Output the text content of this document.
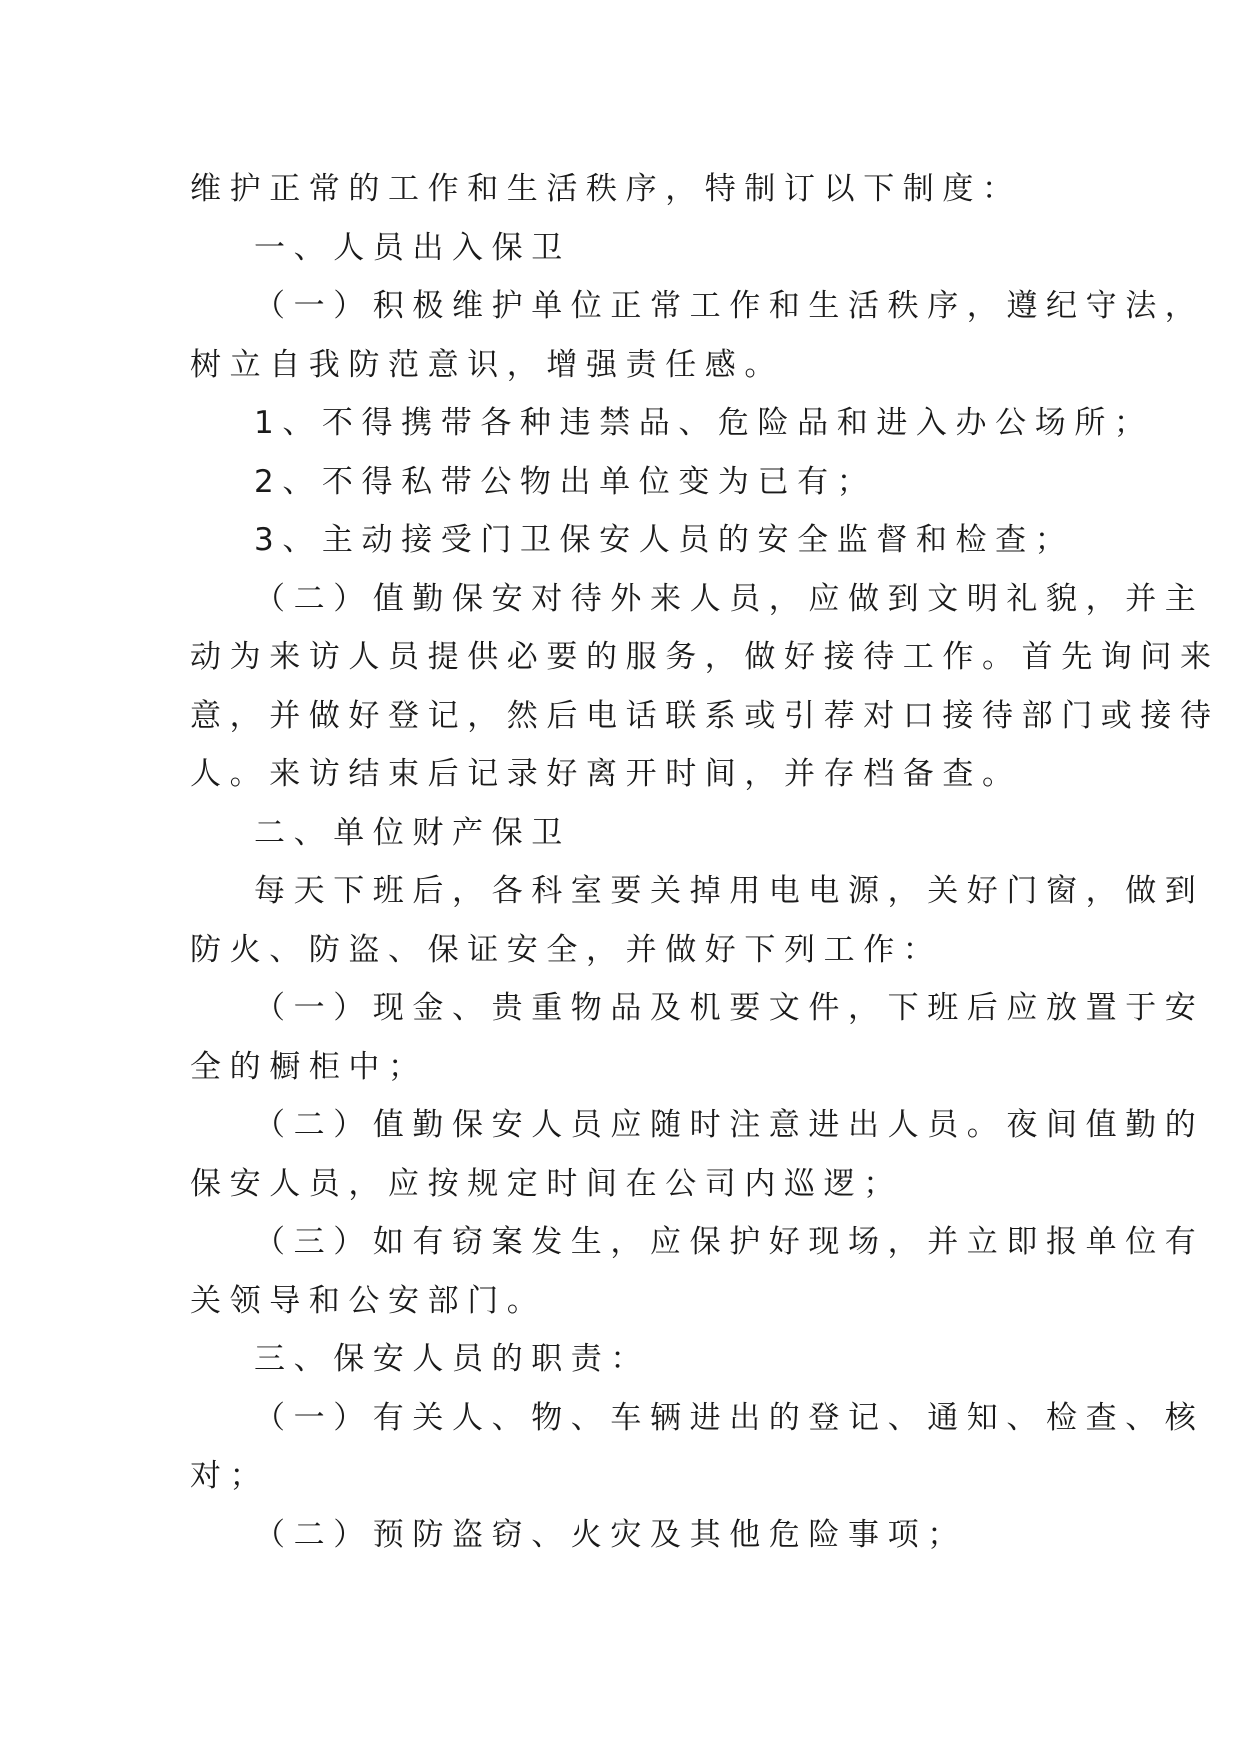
维护正常的工作和生活秩序，特制订以下制度：
一、人员出入保卫
（一）积极维护单位正常工作和生活秩序，遵纪守法，
树立自我防范意识，增强责任感。
1、不得携带各种违禁品、危险品和进入办公场所；
2、不得私带公物出单位变为已有；
3、主动接受门卫保安人员的安全监督和检查；
（二）值勤保安对待外来人员，应做到文明礼貌，并主
动为来访人员提供必要的服务，做好接待工作。首先询问来
意，并做好登记，然后电话联系或引荐对口接待部门或接待
人。来访结束后记录好离开时间，并存档备查。
二、单位财产保卫
每天下班后，各科室要关掉用电电源，关好门窗，做到
防火、防盗、保证安全，并做好下列工作：
（一）现金、贵重物品及机要文件，下班后应放置于安
全的橱柜中；
（二）值勤保安人员应随时注意进出人员。夜间值勤的
保安人员，应按规定时间在公司内巡逻；
（三）如有窃案发生，应保护好现场，并立即报单位有
关领导和公安部门。
三、保安人员的职责：
（一）有关人、物、车辆进出的登记、通知、检查、核
对；
（二）预防盗窃、火灾及其他危险事项；
